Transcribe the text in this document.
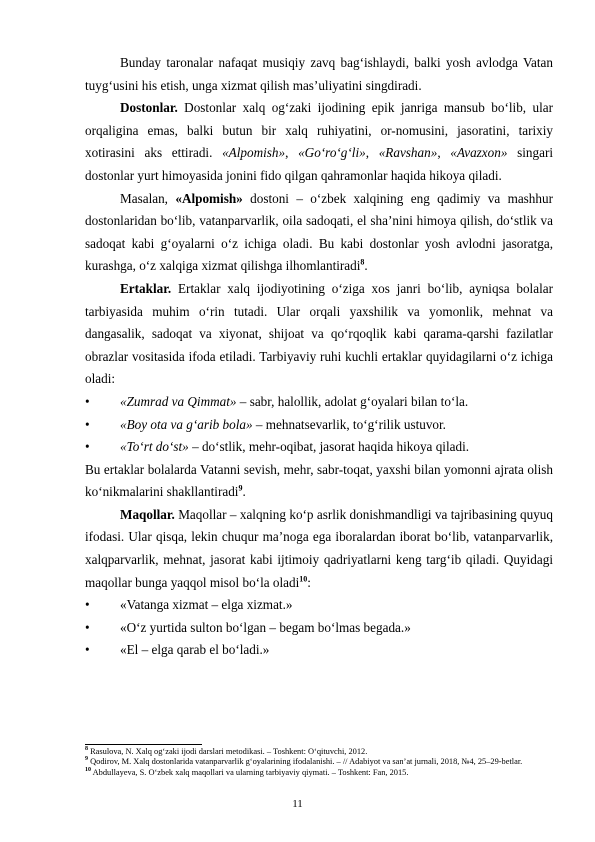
Bunday taronalar nafaqat musiqiy zavq bag‘ishlaydi, balki yosh avlodga Vatan tuyg‘usini his etish, unga xizmat qilish mas’uliyatini singdiradi.

Dostonlar. Dostonlar xalq og‘zaki ijodining epik janriga mansub bo‘lib, ular orqaligina emas, balki butun bir xalq ruhiyatini, or-nomusini, jasoratini, tarixiy xotirasini aks ettiradi. «Alpomish», «Go‘ro‘g‘li», «Ravshan», «Avazxon» singari dostonlar yurt himoyasida jonini fido qilgan qahramonlar haqida hikoya qiladi.

Masalan, «Alpomish» dostoni – o‘zbek xalqining eng qadimiy va mashhur dostonlaridan bo‘lib, vatanparvarlik, oila sadoqati, el sha’nini himoya qilish, do‘stlik va sadoqat kabi g‘oyalarni o‘z ichiga oladi. Bu kabi dostonlar yosh avlodni jasoratga, kurashga, o‘z xalqiga xizmat qilishga ilhomlantiradi$^8$.

Ertaklar. Ertaklar xalq ijodiyotining o‘ziga xos janri bo‘lib, ayniqsa bolalar tarbiyasida muhim o‘rin tutadi. Ular orqali yaxshilik va yomonlik, mehnat va dangasalik, sadoqat va xiyonat, shijoat va qo‘rqoqlik kabi qarama-qarshi fazilatlar obrazlar vositasida ifoda etiladi. Tarbiyaviy ruhi kuchli ertaklar quyidagilarni o‘z ichiga oladi:

• «Zumrad va Qimmat» – sabr, halollik, adolat g‘oyalari bilan to‘la.
• «Boy ota va g‘arib bola» – mehnatsevarlik, to‘g‘rilik ustuvor.
• «To‘rt do‘st» – do‘stlik, mehr-oqibat, jasorat haqida hikoya qiladi.

Bu ertaklar bolalarda Vatanni sevish, mehr, sabr-toqat, yaxshi bilan yomonni ajrata olish ko‘nikmalarini shakllantiradi$^9$.

Maqollar. Maqollar – xalqning ko‘p asrlik donishmandligi va tajribasining quyuq ifodasi. Ular qisqa, lekin chuqur ma’noga ega iboralardan iborat bo‘lib, vatanparvarlik, xalqparvarlik, mehnat, jasorat kabi ijtimoiy qadriyatlarni keng targ‘ib qiladi. Quyidagi maqollar bunga yaqqol misol bo‘la oladi$^{10}$:

• «Vatanga xizmat – elga xizmat.»
• «O‘z yurtida sulton bo‘lgan – begam bo‘lmas begada.»
• «El – elga qarab el bo‘ladi.»
$^8$ Rasulova, N. Xalq og‘zaki ijodi darslari metodikasi. – Toshkent: O‘qituvchi, 2012.
$^9$ Qodirov, M. Xalq dostonlarida vatanparvarlik g‘oyalarining ifodalanishi. – // Adabiyot va san’at jurnali, 2018, №4, 25–29-betlar.
$^{10}$ Abdullayeva, S. O‘zbek xalq maqollari va ularning tarbiyaviy qiymati. – Toshkent: Fan, 2015.
11
